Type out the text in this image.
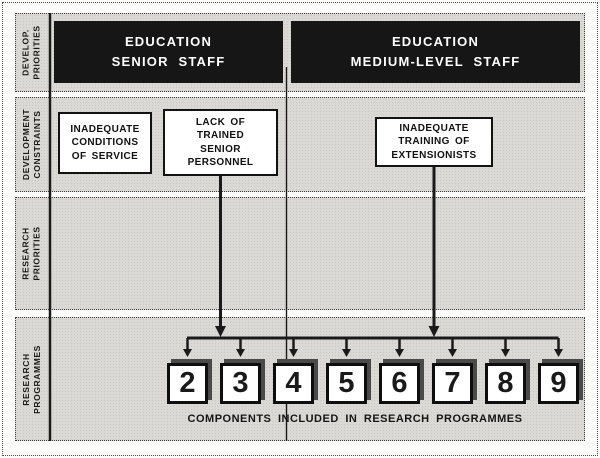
DEVELOP. PRIORITIES
DEVELOPMENT CONSTRAINTS
RESEARCH PRIORITIES
RESEARCH PROGRAMMES
EDUCATION
SENIOR STAFF
EDUCATION
MEDIUM-LEVEL STAFF
INADEQUATE
CONDITIONS
OF SERVICE
LACK OF
TRAINED
SENIOR
PERSONNEL
INADEQUATE
TRAINING OF
EXTENSIONISTS
2 3 4 5 6 7 8 9
COMPONENTS INCLUDED IN RESEARCH PROGRAMMES
